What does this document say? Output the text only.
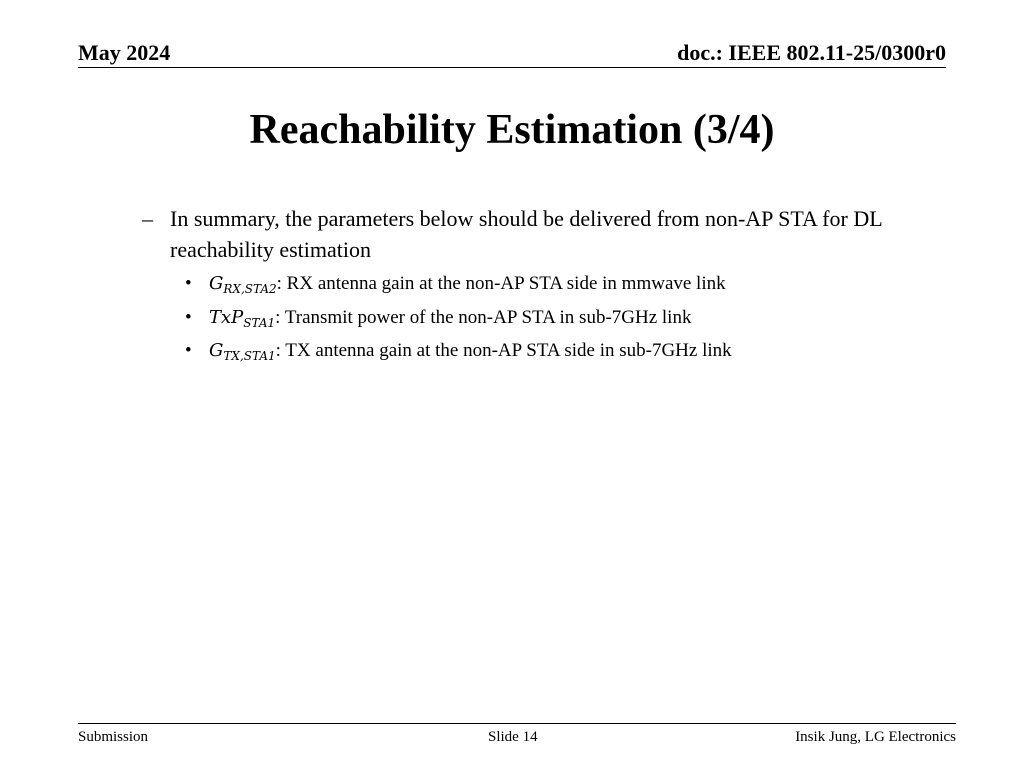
May 2024	doc.: IEEE 802.11-25/0300r0
Reachability Estimation (3/4)
– In summary, the parameters below should be delivered from non-AP STA for DL reachability estimation
• $G_{RX,STA2}$: RX antenna gain at the non-AP STA side in mmwave link
• TxP$_{STA1}$: Transmit power of the non-AP STA in sub-7GHz link
• $G_{TX,STA1}$: TX antenna gain at the non-AP STA side in sub-7GHz link
Submission	Slide 14	Insik Jung, LG Electronics
